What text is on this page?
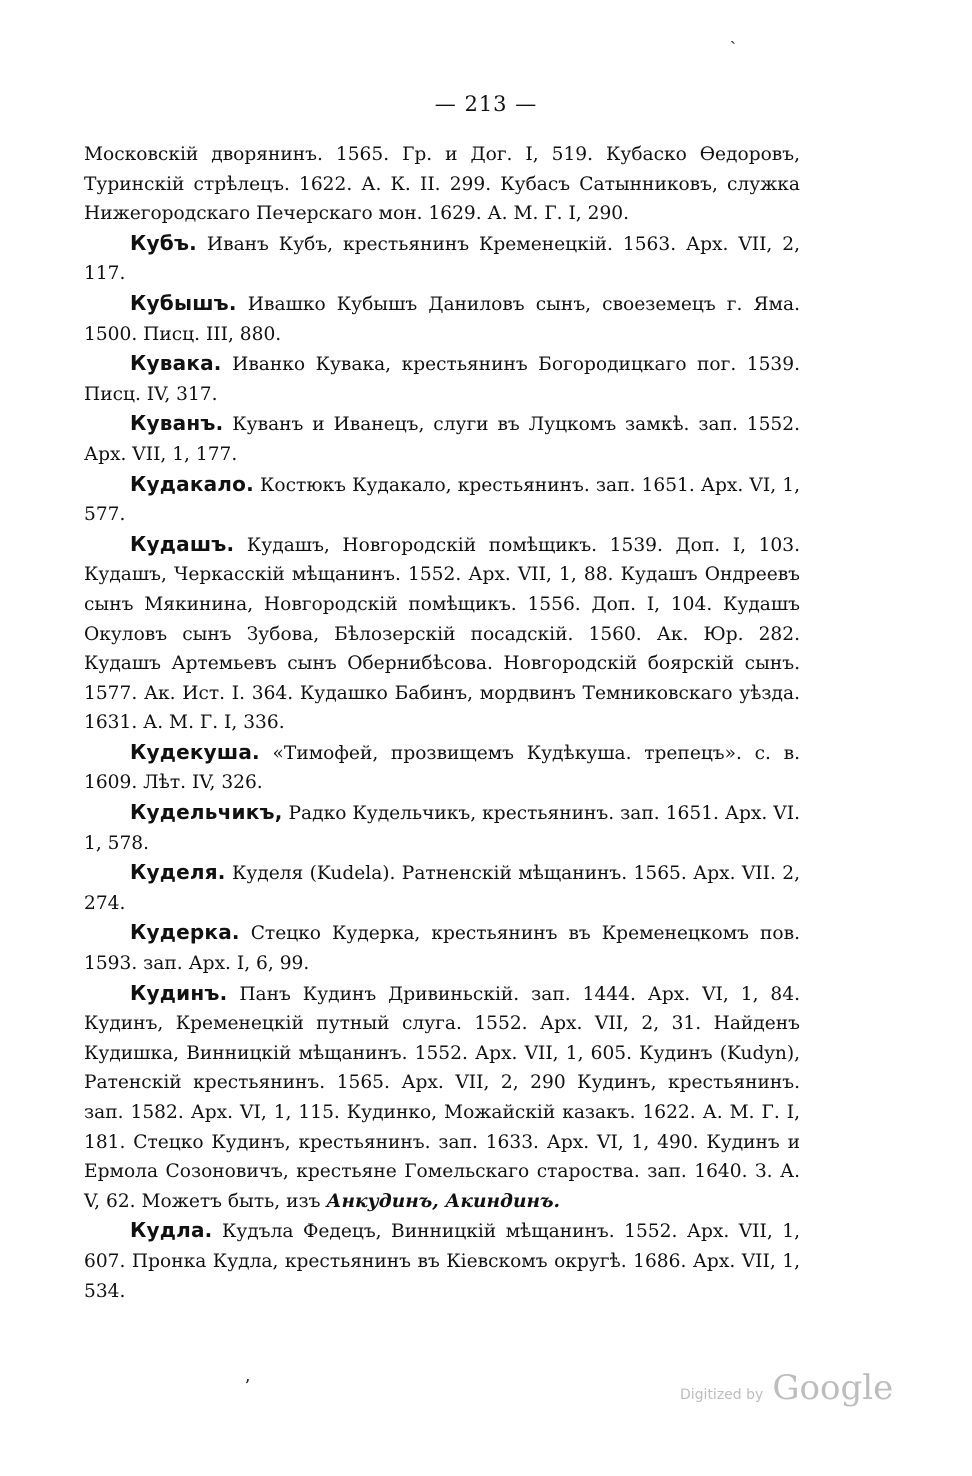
ˏ
— 213 —

Московскій дворянинъ. 1565. Гр. и Дог. I, 519. Кубаско Өедоровъ, Туринскій стрѣлецъ. 1622. А. К. II. 299. Кубасъ Сатынниковъ, служка Нижегородскаго Печерскаго мон. 1629. А. М. Г. I, 290.

Кубъ. Иванъ Кубъ, крестьянинъ Кременецкій. 1563. Арх. VII, 2, 117.

Кубышъ. Ивашко Кубышъ Даниловъ сынъ, своеземецъ г. Яма. 1500. Писц. III, 880.

Кувака. Иванко Кувака, крестьянинъ Богородицкаго пог. 1539. Писц. IV, 317.

Куванъ. Куванъ и Иванецъ, слуги въ Луцкомъ замкѣ. зап. 1552. Арх. VII, 1, 177.

Кудакало. Костюкъ Кудакало, крестьянинъ. зап. 1651. Арх. VI, 1, 577.

Кудашъ. Кудашъ, Новгородскій помѣщикъ. 1539. Доп. I, 103. Кудашъ, Черкасскій мѣщанинъ. 1552. Арх. VII, 1, 88. Кудашъ Ондреевъ сынъ Мякинина, Новгородскій помѣщикъ. 1556. Доп. I, 104. Кудашъ Окуловъ сынъ Зубова, Бѣлозерскій посадскій. 1560. Ак. Юр. 282. Кудашъ Артемьевъ сынъ Обернибѣсова. Новгородскій боярскій сынъ. 1577. Ак. Ист. I. 364. Кудашко Бабинъ, мордвинъ Темниковскаго уѣзда. 1631. А. М. Г. I, 336.

Кудекуша. «Тимофей, прозвищемъ Кудѣкуша. трепецъ». с. в. 1609. Лѣт. IV, 326.

Кудельчикъ, Радко Кудельчикъ, крестьянинъ. зап. 1651. Арх. VI. 1, 578.

Куделя. Куделя (Kudela). Ратненскій мѣщанинъ. 1565. Арх. VII. 2, 274.

Кудерка. Стецко Кудерка, крестьянинъ въ Кременецкомъ пов. 1593. зап. Арх. I, 6, 99.

Кудинъ. Панъ Кудинъ Дривиньскій. зап. 1444. Арх. VI, 1, 84. Кудинъ, Кременецкій путный слуга. 1552. Арх. VII, 2, 31. Найденъ Кудишка, Винницкій мѣщанинъ. 1552. Арх. VII, 1, 605. Кудинъ (Kudyn), Ратенскій крестьянинъ. 1565. Арх. VII, 2, 290 Кудинъ, крестьянинъ. зап. 1582. Арх. VI, 1, 115. Кудинко, Можайскій казакъ. 1622. А. М. Г. I, 181. Стецко Кудинъ, крестьянинъ. зап. 1633. Арх. VI, 1, 490. Кудинъ и Ермола Созоновичъ, крестьяне Гомельскаго староства. зап. 1640. З. А. V, 62. Можетъ быть, изъ Анкудинъ, Акиндинъ.

Кудла. Кудъла Федецъ, Винницкій мѣщанинъ. 1552. Арх. VII, 1, 607. Пронка Кудла, крестьянинъ въ Кіевскомъ округѣ. 1686. Арх. VII, 1, 534.

ʼ	Digitized by Google
